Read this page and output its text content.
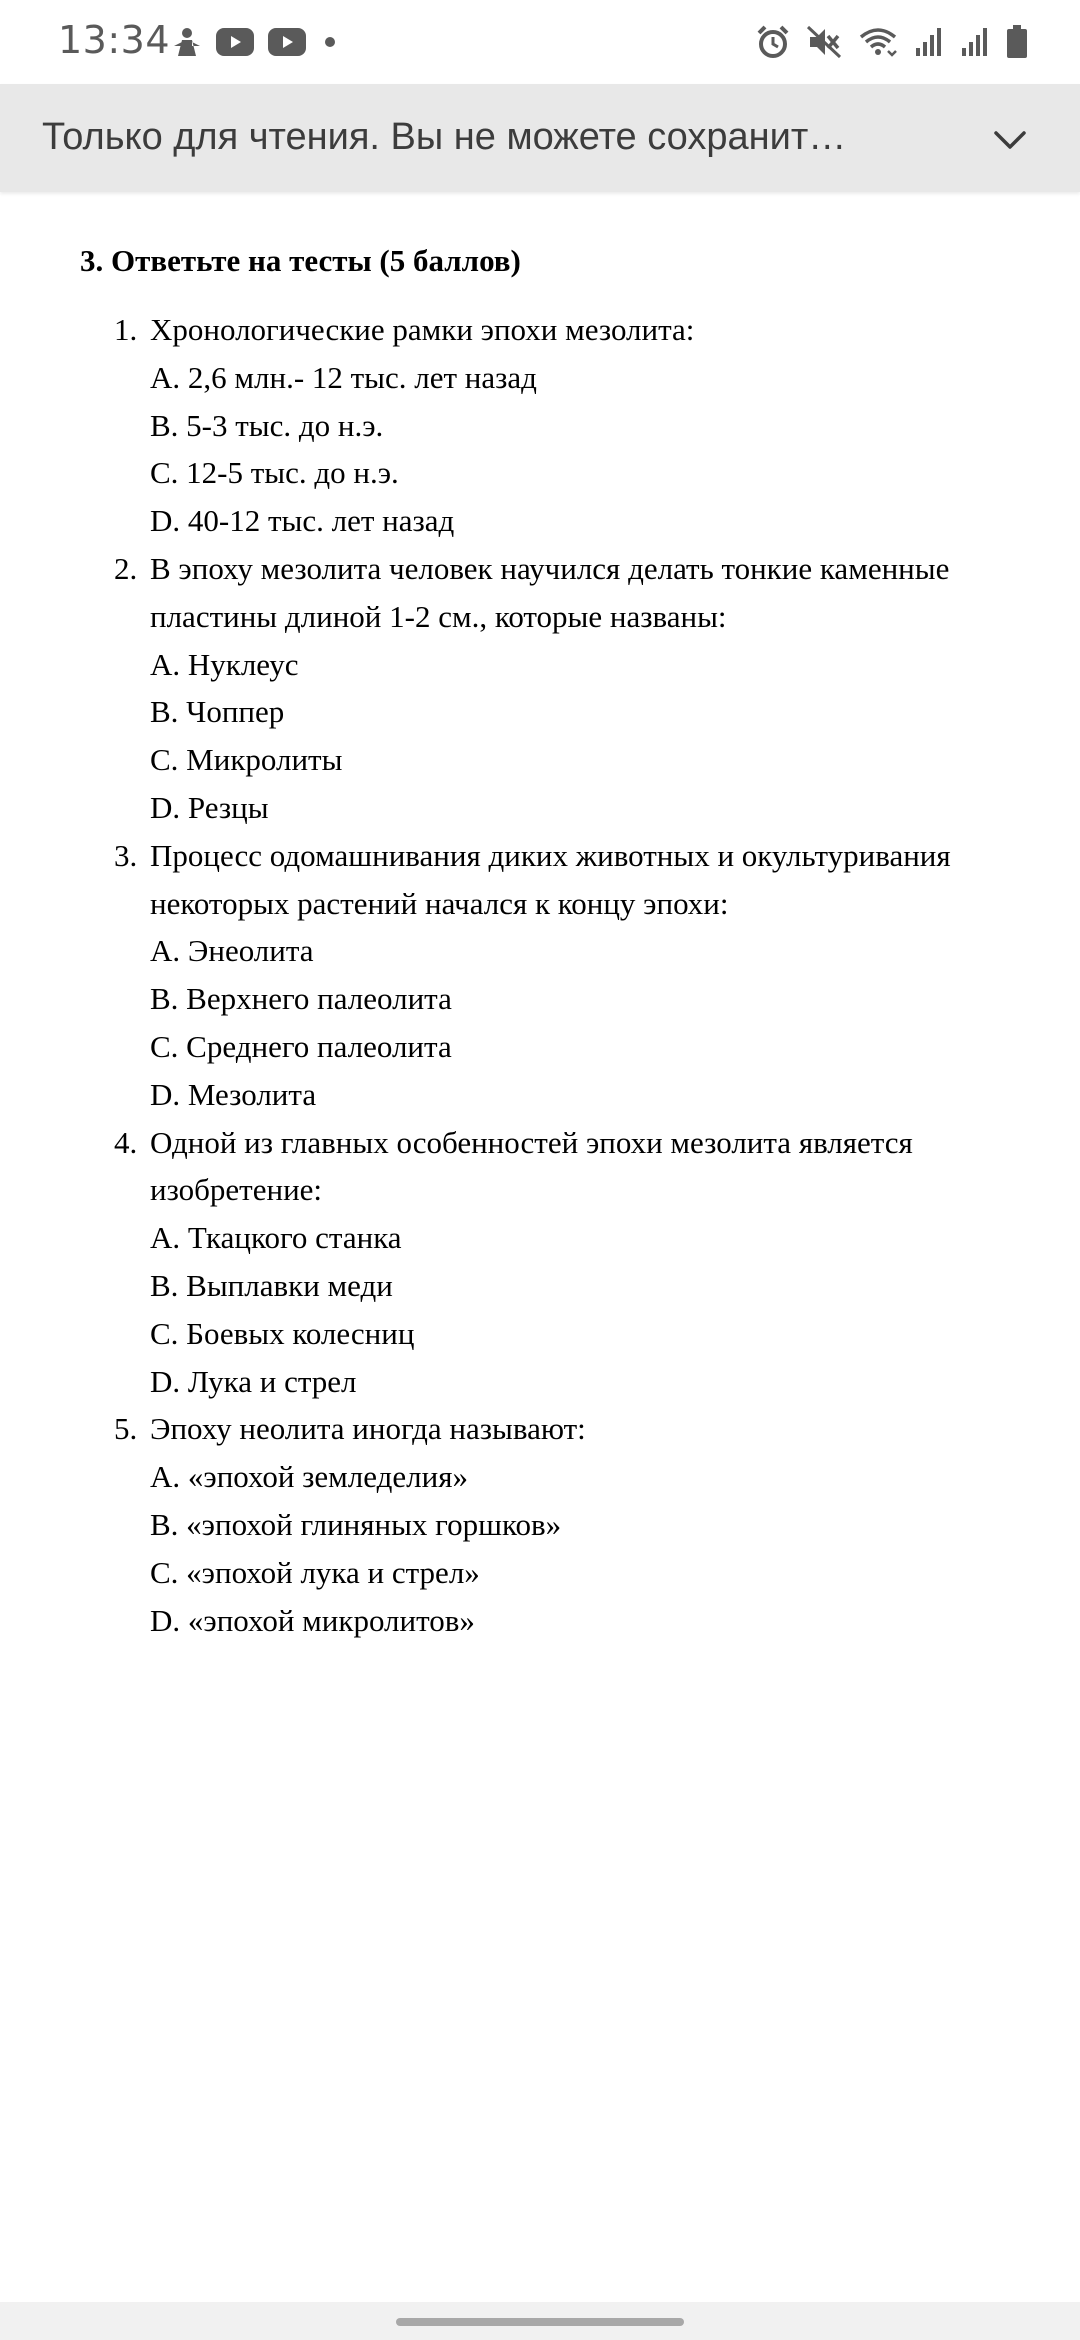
13:34
Только для чтения. Вы не можете сохранит…
3. Ответьте на тесты (5 баллов)
1. Хронологические рамки эпохи мезолита:
A. 2,6 млн.- 12 тыс. лет назад
B. 5-3 тыс. до н.э.
C. 12-5 тыс. до н.э.
D. 40-12 тыс. лет назад
2. В эпоху мезолита человек научился делать тонкие каменные пластины длиной 1-2 см., которые названы:
A. Нуклеус
B. Чоппер
C. Микролиты
D. Резцы
3. Процесс одомашнивания диких животных и окультуривания некоторых растений начался к концу эпохи:
A. Энеолита
B. Верхнего палеолита
C. Среднего палеолита
D. Мезолита
4. Одной из главных особенностей эпохи мезолита является изобретение:
A. Ткацкого станка
B. Выплавки меди
C. Боевых колесниц
D. Лука и стрел
5. Эпоху неолита иногда называют:
A. «эпохой земледелия»
B. «эпохой глиняных горшков»
C. «эпохой лука и стрел»
D. «эпохой микролитов»
